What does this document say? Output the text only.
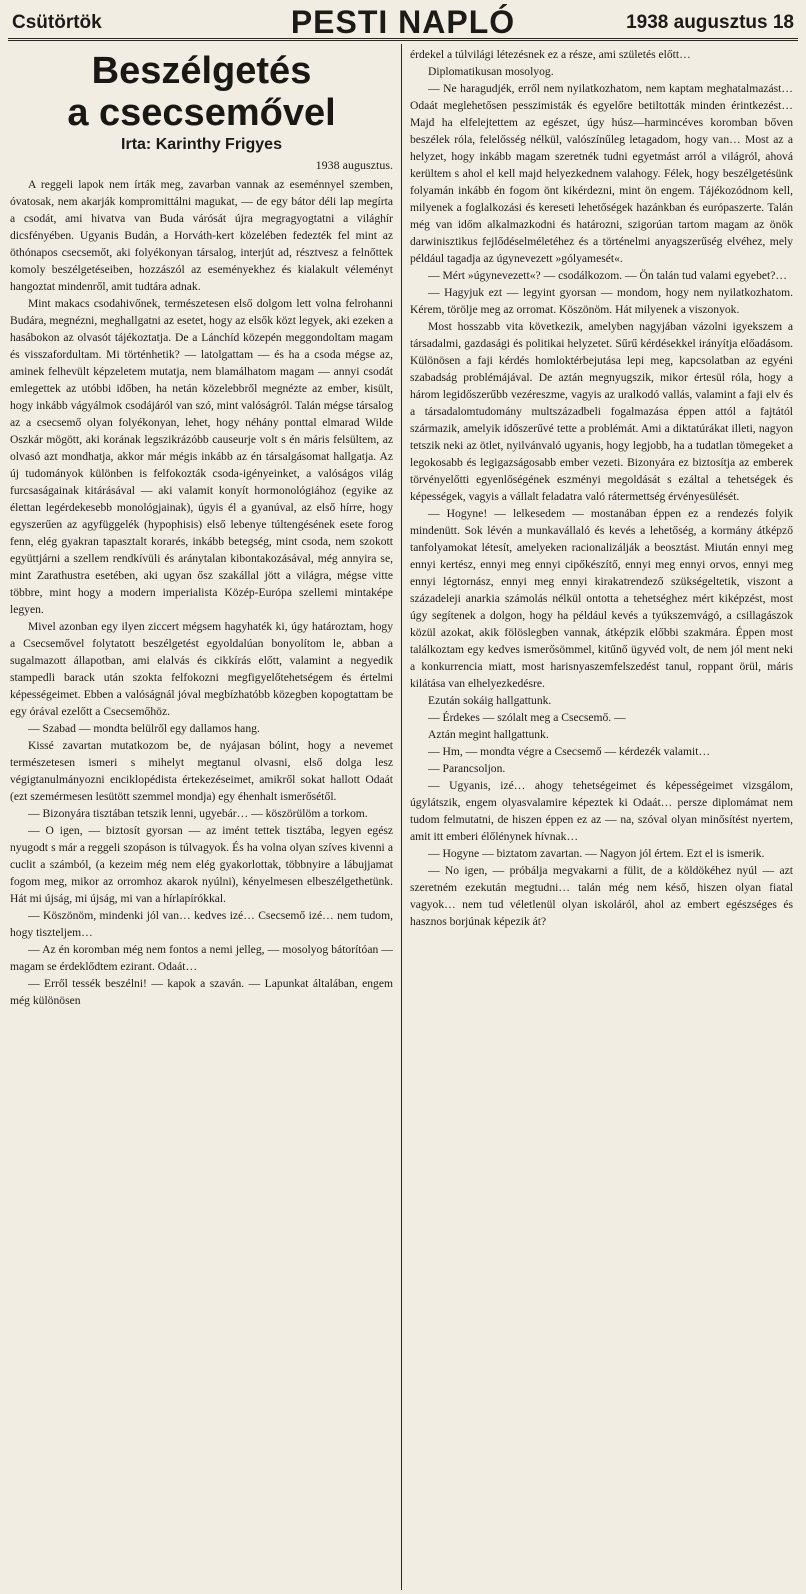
Csütörtök	PESTI NAPLÓ	1938 augusztus 18
Beszélgetés
a csecsemővel
Irta: Karinthy Frigyes

1938 augusztus.

A reggeli lapok nem írták meg, zavarban vannak az eseménnyel szemben, óvatosak, nem akarják kompromittálni magukat, — de egy bátor déli lap megírta a csodát, ami hivatva van Buda várósát újra megragyogtatni a világhír dicsfényében. Ugyanis Budán, a Horváth-kert közelében fedezték fel mint az öthónapos csecsemőt, aki folyékonyan társalog, interjút ad, résztvesz a felnőttek komoly beszélgetéseiben, hozzászól az eseményekhez és kialakult véleményt hangoztat mindenről, amit tudtára adnak.

Mint makacs csodahivőnek, természetesen első dolgom lett volna felrohanni Budára, megnézni, meghallgatni az esetet, hogy az elsők közt legyek, aki ezeken a hasábokon az olvasót tájékoztatja. De a Lánchíd közepén meggondoltam magam és visszafordultam. Mi történhetik? — latolgattam — és ha a csoda mégse az, aminek felhevült képzeletem mutatja, nem blamálhatom magam — annyi csodát emlegettek az utóbbi időben, ha netán közelebbről megnézte az ember, kisült, hogy inkább vágyálmok csodájáról van szó, mint valóságról. Talán mégse társalog az a csecsemő olyan folyékonyan, lehet, hogy néhány ponttal elmarad Wilde Oszkár mögött, aki korának legszikrázóbb causeurje volt s én máris felsültem, az olvasó azt mondhatja, akkor már mégis inkább az én társalgásomat hallgatja. Az új tudományok különben is felfokozták csoda-igényeinket, a valóságos világ furcsaságainak kitárásával — aki valamit konyít hormonológiához (egyike az élettan legérdekesebb monológjainak), úgyis él a gyanúval, az első hírre, hogy egyszerűen az agyfüggelék (hypophisis) első lebenye túltengésének esete forog fenn, elég gyakran tapasztalt korarés, inkább betegség, mint csoda, nem szokott együttjárni a szellem rendkívüli és aránytalan kibontakozásával, még annyira se, mint Zarathustra esetében, aki ugyan ősz szakállal jött a világra, mégse vitte többre, mint hogy a modern imperialista Közép-Európa szellemi mintaképe legyen.

Mivel azonban egy ilyen ziccert mégsem hagyhaték ki, úgy határoztam, hogy a Csecsemővel folytatott beszélgetést egyoldalúan bonyolítom le, abban a sugalmazott állapotban, ami elalvás és cikkírás előtt, valamint a negyedik stampedli barack után szokta felfokozni megfigyelőtehetségem és értelmi képességeimet. Ebben a valóságnál jóval megbízhatóbb közegben kopogtattam be egy órával ezelőtt a Csecsemőhöz.

— Szabad — mondta belülről egy dallamos hang.

Kissé zavartan mutatkozom be, de nyájasan bólint, hogy a nevemet természetesen ismeri s mihelyt megtanul olvasni, első dolga lesz végigtanulmányozni enciklopédista értekezéseimet, amikről sokat hallott Odaát (ezt szemérmesen lesütött szemmel mondja) egy éhenhalt ismerősétől.

— Bizonyára tisztában tetszik lenni, ugyebár… — köszörülöm a torkom.

— O igen, — biztosít gyorsan — az imént tettek tisztába, legyen egész nyugodt s már a reggeli szopáson is túlvagyok. És ha volna olyan szíves kivenni a cuclit a számból, (a kezeim még nem elég gyakorlottak, többnyire a lábujjamat fogom meg, mikor az orromhoz akarok nyúlni), kényelmesen elbeszélgethetünk. Hát mi újság, mi újság, mi van a hírlapírókkal.

— Köszönöm, mindenki jól van… kedves izé… Csecsemő izé… nem tudom, hogy tiszteljem…

— Az én koromban még nem fontos a nemi jelleg, — mosolyog bátorítóan — magam se érdeklődtem ezirant. Odaát…

— Erről tessék beszélni! — kapok a szaván. — Lapunkat általában, engem még különösen

érdekel a túlvilági létezésnek ez a része, ami születés előtt…

Diplomatikusan mosolyog.

— Ne haragudjék, erről nem nyilatkozhatom, nem kaptam meghatalmazást… Odaát meglehetősen pesszimisták és egyelőre betiltották minden érintkezést… Majd ha elfelejtettem az egészet, úgy húsz—harmincéves koromban bőven beszélek róla, felelősség nélkül, valószínűleg letagadom, hogy van… Most az a helyzet, hogy inkább magam szeretnék tudni egyetmást arról a világról, ahová kerültem s ahol el kell majd helyezkednem valahogy. Félek, hogy beszélgetésünk folyamán inkább én fogom önt kikérdezni, mint ön engem. Tájékozódnom kell, milyenek a foglalkozási és kereseti lehetőségek hazánkban és európaszerte. Talán még van időm alkalmazkodni és határozni, szigorúan tartom magam az önök darwinisztikus fejlődéselméletéhez és a történelmi anyagszerűség elvéhez, mely például tagadja az úgynevezett »gólyamesét«.

— Mért »úgynevezett«? — csodálkozom. — Ön talán tud valami egyebet?…

— Hagyjuk ezt — legyint gyorsan — mondom, hogy nem nyilatkozhatom. Kérem, törölje meg az orromat. Köszönöm. Hát milyenek a viszonyok.

Most hosszabb vita következik, amelyben nagyjában vázolni igyekszem a társadalmi, gazdasági és politikai helyzetet. Sűrű kérdésekkel irányítja előadásom. Különösen a faji kérdés homloktérbejutása lepi meg, kapcsolatban az egyéni szabadság problémájával. De aztán megnyugszik, mikor értesül róla, hogy a három legidőszerűbb vezéreszme, vagyis az uralkodó vallás, valamint a faji elv és a társadalomtudomány multszázadbeli fogalmazása éppen attól a fajtától származik, amelyik időszerűvé tette a problémát. Ami a diktatúrákat illeti, nagyon tetszik neki az ötlet, nyilvánvaló ugyanis, hogy legjobb, ha a tudatlan tömegeket a legokosabb és legigazságosabb ember vezeti. Bizonyára ez biztosítja az emberek törvényelőtti egyenlőségének eszményi megoldását s ezáltal a tehetségek és képességek, vagyis a vállalt feladatra való rátermettség érvényesülését.

— Hogyne! — lelkesedem — mostanában éppen ez a rendezés folyik mindenütt. Sok lévén a munkavállaló és kevés a lehetőség, a kormány átképző tanfolyamokat létesít, amelyeken racionalizálják a beosztást. Miután ennyi meg ennyi kertész, ennyi meg ennyi cipőkészítő, ennyi meg ennyi orvos, ennyi meg ennyi légtornász, ennyi meg ennyi kirakatrendező szükségeltetik, viszont a századeleji anarkia számolás nélkül ontotta a tehetséghez mért kiképzést, most úgy segítenek a dolgon, hogy ha például kevés a tyúkszemvágó, a csillagászok közül azokat, akik fölöslegben vannak, átképzik előbbi szakmára. Éppen most találkoztam egy kedves ismerősömmel, kitűnő ügyvéd volt, de nem jól ment neki a konkurrencia miatt, most harisnyaszemfelszedést tanul, roppant örül, máris kilátása van elhelyezkedésre.

Ezután sokáig hallgattunk.

— Érdekes — szólalt meg a Csecsemő. —

Aztán megint hallgattunk.

— Hm, — mondta végre a Csecsemő — kérdezék valamit…

— Parancsoljon.

— Ugyanis, izé… ahogy tehetségeimet és képességeimet vizsgálom, úgylátszik, engem olyasvalamire képeztek ki Odaát… persze diplomámat nem tudom felmutatni, de hiszen éppen ez az — na, szóval olyan minősítést nyertem, amit itt emberi élőlénynek hívnak…

— Hogyne — biztatom zavartan. — Nagyon jól értem. Ezt el is ismerik.

— No igen, — próbálja megvakarni a fülit, de a köldökéhez nyúl — azt szeretném ezekután megtudni… talán még nem késő, hiszen olyan fiatal vagyok… nem tud véletlenül olyan iskoláról, ahol az embert egészséges és hasznos borjúnak képezik át?
